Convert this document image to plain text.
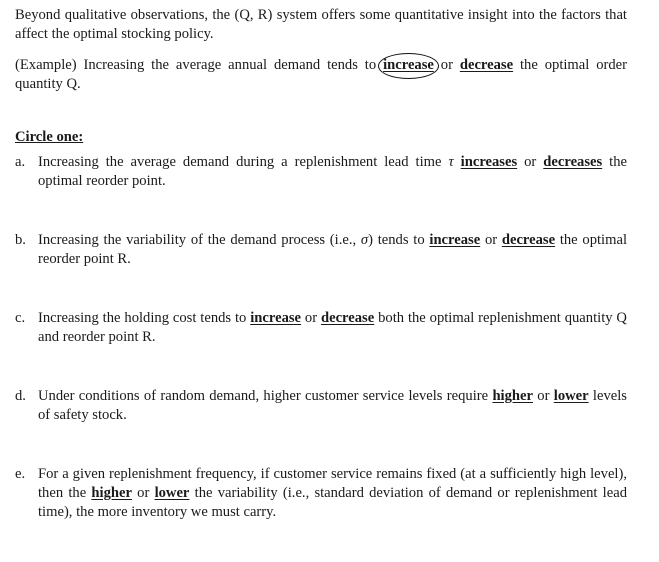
Beyond qualitative observations, the (Q, R) system offers some quantitative insight into the factors that affect the optimal stocking policy.

(Example) Increasing the average annual demand tends to increase or decrease the optimal order quantity Q.

Circle one:

a. Increasing the average demand during a replenishment lead time τ increases or decreases the optimal reorder point.
b. Increasing the variability of the demand process (i.e., σ) tends to increase or decrease the optimal reorder point R.
c. Increasing the holding cost tends to increase or decrease both the optimal replenishment quantity Q and reorder point R.
d. Under conditions of random demand, higher customer service levels require higher or lower levels of safety stock.
e. For a given replenishment frequency, if customer service remains fixed (at a sufficiently high level), then the higher or lower the variability (i.e., standard deviation of demand or replenishment lead time), the more inventory we must carry.
